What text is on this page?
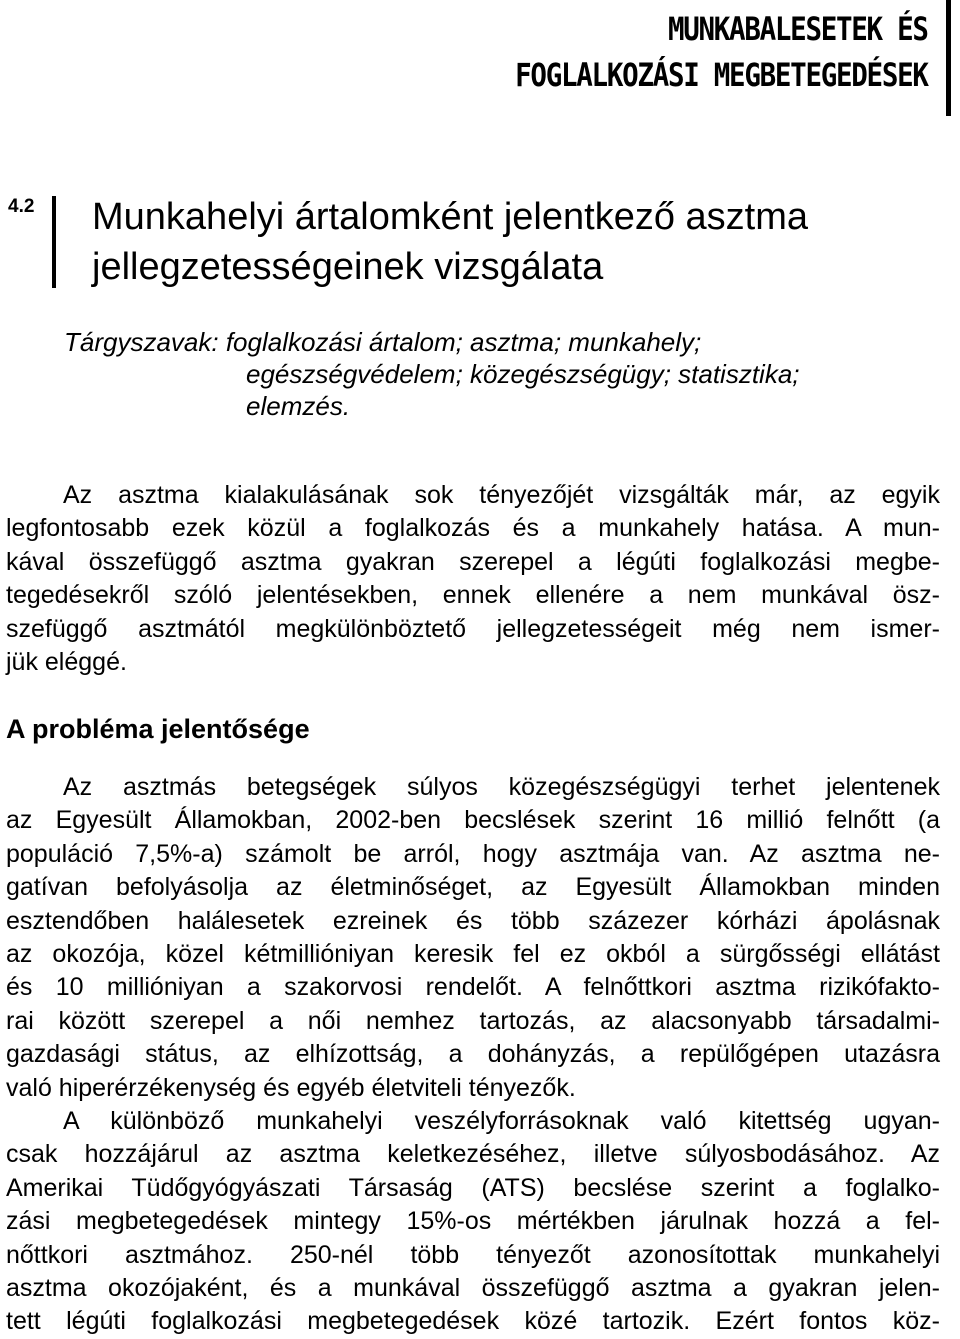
MUNKABALESETEK ÉS
FOGLALKOZÁSI MEGBETEGEDÉSEK
4.2 Munkahelyi ártalomként jelentkező asztma
jellegzetességeinek vizsgálata
Tárgyszavak: foglalkozási ártalom; asztma; munkahely;
egészségvédelem; közegészségügy; statisztika;
elemzés.
Az asztma kialakulásának sok tényezőjét vizsgálták már, az egyik
legfontosabb ezek közül a foglalkozás és a munkahely hatása. A mun-
kával összefüggő asztma gyakran szerepel a légúti foglalkozási megbe-
tegedésekről szóló jelentésekben, ennek ellenére a nem munkával ösz-
szefüggő asztmától megkülönböztető jellegzetességeit még nem ismer-
jük eléggé.
A probléma jelentősége
Az asztmás betegségek súlyos közegészségügyi terhet jelentenek
az Egyesült Államokban, 2002-ben becslések szerint 16 millió felnőtt (a
populáció 7,5%-a) számolt be arról, hogy asztmája van. Az asztma ne-
gatívan befolyásolja az életminőséget, az Egyesült Államokban minden
esztendőben halálesetek ezreinek és több százezer kórházi ápolásnak
az okozója, közel kétmillióniyan keresik fel ez okból a sürgősségi ellátást
és 10 millióniyan a szakorvosi rendelőt. A felnőttkori asztma rizikófakto-
rai között szerepel a női nemhez tartozás, az alacsonyabb társadalmi-
gazdasági státus, az elhízottság, a dohányzás, a repülőgépen utazásra
való hiperérzékenység és egyéb életviteli tényezők.
A különböző munkahelyi veszélyforrásoknak való kitettség ugyan-
csak hozzájárul az asztma keletkezéséhez, illetve súlyosbodásához. Az
Amerikai Tüdőgyógyászati Társaság (ATS) becslése szerint a foglalko-
zási megbetegedések mintegy 15%-os mértékben járulnak hozzá a fel-
nőttkori asztmához. 250-nél több tényezőt azonosítottak munkahelyi
asztma okozójaként, és a munkával összefüggő asztma a gyakran jelen-
tett légúti foglalkozási megbetegedések közé tartozik. Ezért fontos köz-
